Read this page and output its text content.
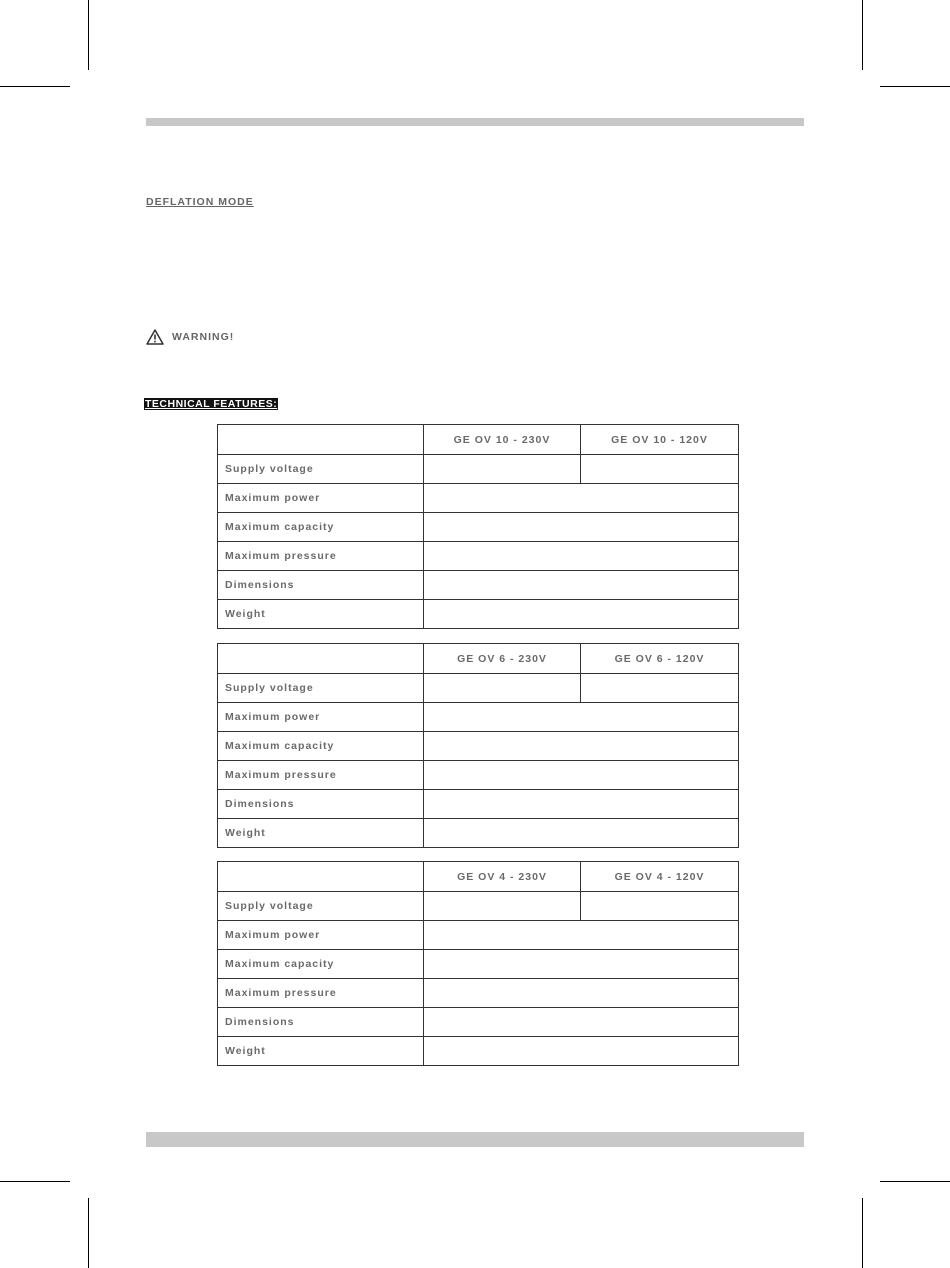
DEFLATION MODE
WARNING!
TECHNICAL FEATURES:
	GE OV 10 - 230V	GE OV 10 - 120V
Supply voltage		
Maximum power		
Maximum capacity		
Maximum pressure		
Dimensions		
Weight		
	GE OV 6 - 230V	GE OV 6 - 120V
Supply voltage		
Maximum power		
Maximum capacity		
Maximum pressure		
Dimensions		
Weight		
	GE OV 4 - 230V	GE OV 4 - 120V
Supply voltage		
Maximum power		
Maximum capacity		
Maximum pressure		
Dimensions		
Weight		
